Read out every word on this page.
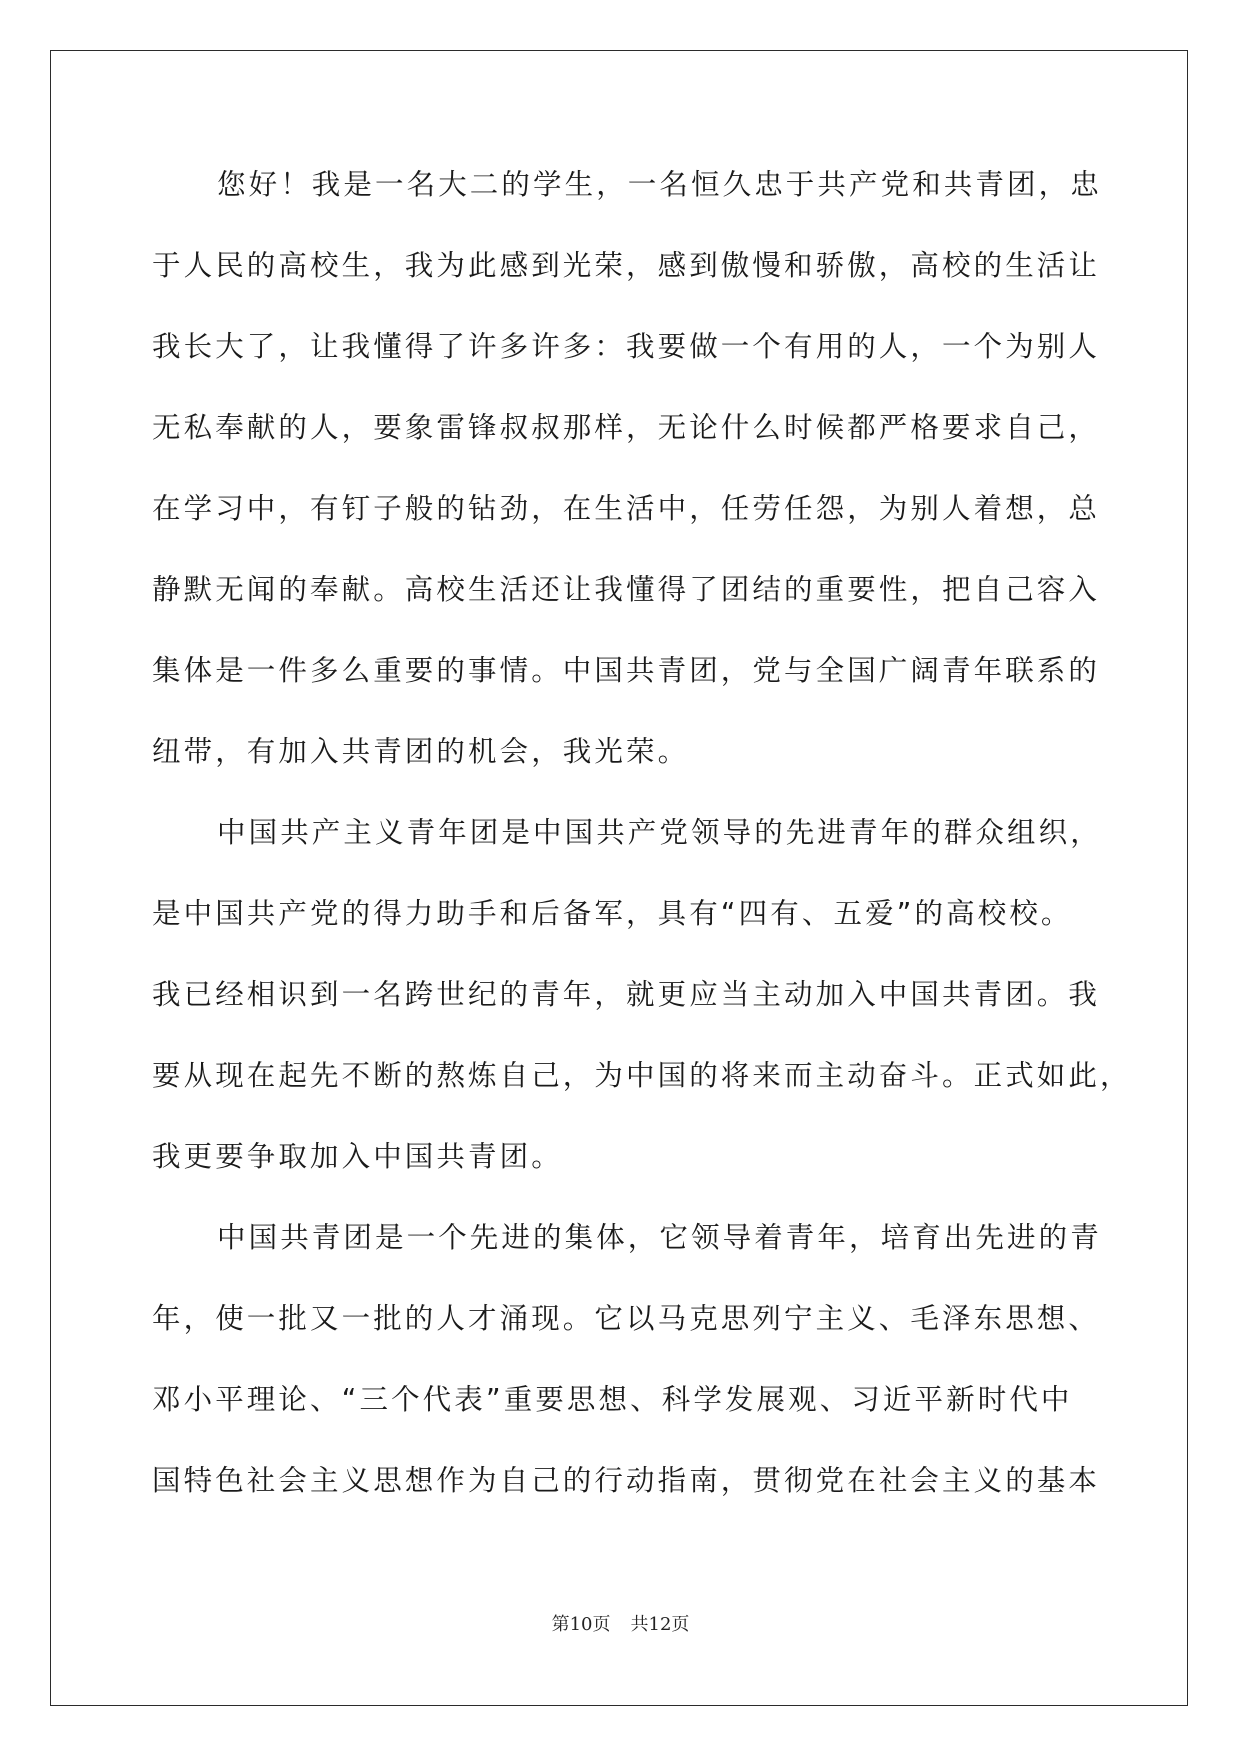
您好！我是一名大二的学生，一名恒久忠于共产党和共青团，忠
于人民的高校生，我为此感到光荣，感到傲慢和骄傲，高校的生活让
我长大了，让我懂得了许多许多：我要做一个有用的人，一个为别人
无私奉献的人，要象雷锋叔叔那样，无论什么时候都严格要求自己，
在学习中，有钉子般的钻劲，在生活中，任劳任怨，为别人着想，总
静默无闻的奉献。高校生活还让我懂得了团结的重要性，把自己容入
集体是一件多么重要的事情。中国共青团，党与全国广阔青年联系的
纽带，有加入共青团的机会，我光荣。
中国共产主义青年团是中国共产党领导的先进青年的群众组织，
是中国共产党的得力助手和后备军，具有“四有、五爱”的高校校。
我已经相识到一名跨世纪的青年，就更应当主动加入中国共青团。我
要从现在起先不断的熬炼自己，为中国的将来而主动奋斗。正式如此，
我更要争取加入中国共青团。
中国共青团是一个先进的集体，它领导着青年，培育出先进的青
年，使一批又一批的人才涌现。它以马克思列宁主义、毛泽东思想、
邓小平理论、“三个代表”重要思想、科学发展观、习近平新时代中
国特色社会主义思想作为自己的行动指南，贯彻党在社会主义的基本
第10页 共12页
